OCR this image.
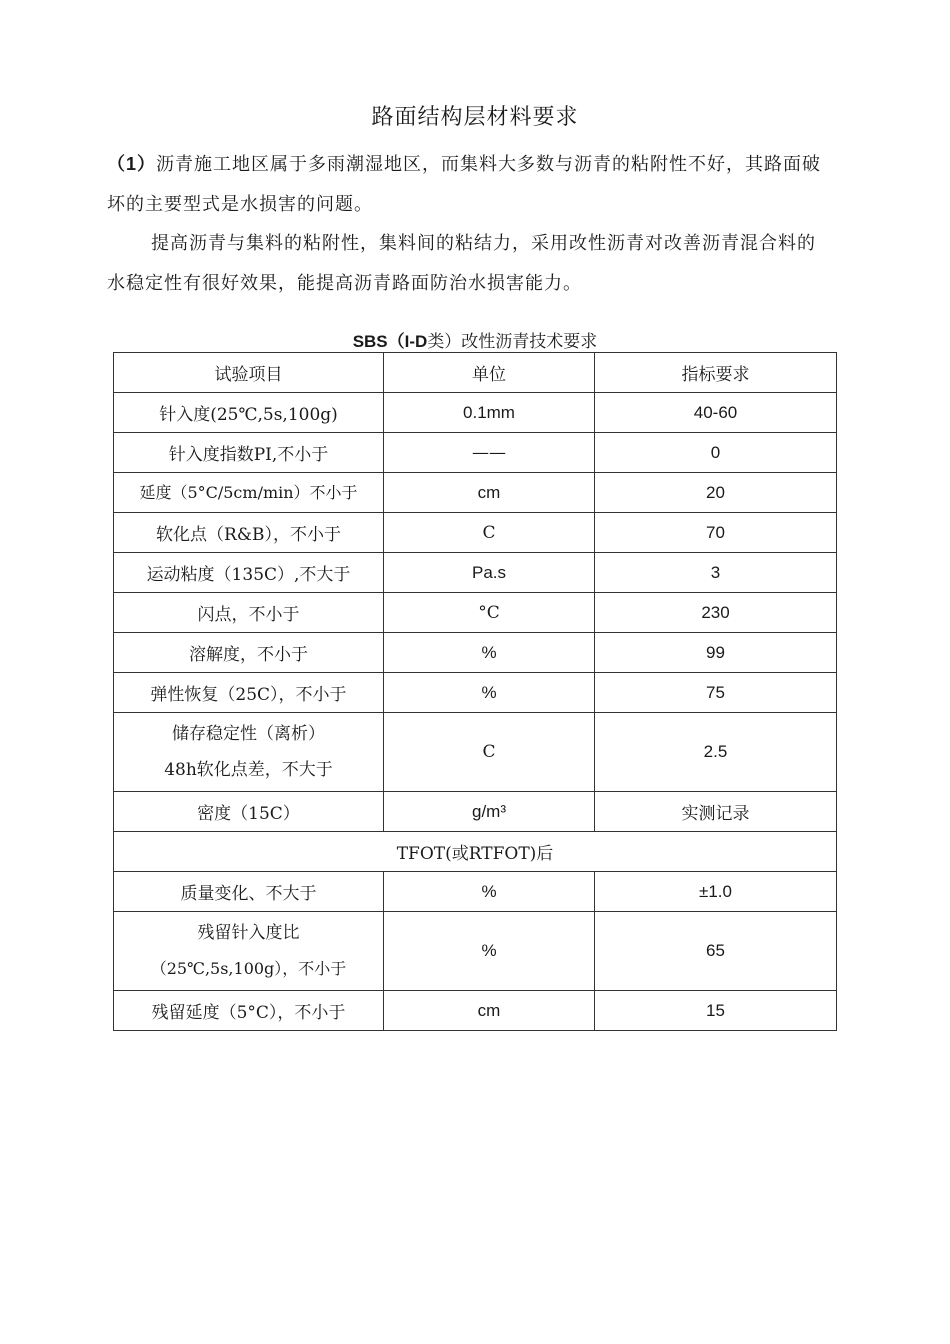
路面结构层材料要求
（1）沥青施工地区属于多雨潮湿地区，而集料大多数与沥青的粘附性不好，其路面破坏的主要型式是水损害的问题。
提高沥青与集料的粘附性，集料间的粘结力，采用改性沥青对改善沥青混合料的水稳定性有很好效果，能提高沥青路面防治水损害能力。
SBS（I-D类）改性沥青技术要求
试验项目	单位	指标要求
针入度(25℃,5s,100g)	0.1mm	40-60
针入度指数PI,不小于	——	0
延度（5°C/5cm/min）不小于	cm	20
软化点（R&B），不小于	C	70
运动粘度（135C）,不大于	Pa.s	3
闪点，不小于	°C	230
溶解度，不小于	%	99
弹性恢复（25C），不小于	%	75

储存稳定性（离析）
48h软化点差，不大于	C	2.5
密度（15C）	g/m³	实测记录
TFOT(或RTFOT)后		
质量变化、不大于	%	±1.0

残留针入度比
（25℃,5s,100g），不小于	%	65
残留延度（5°C），不小于	cm	15
